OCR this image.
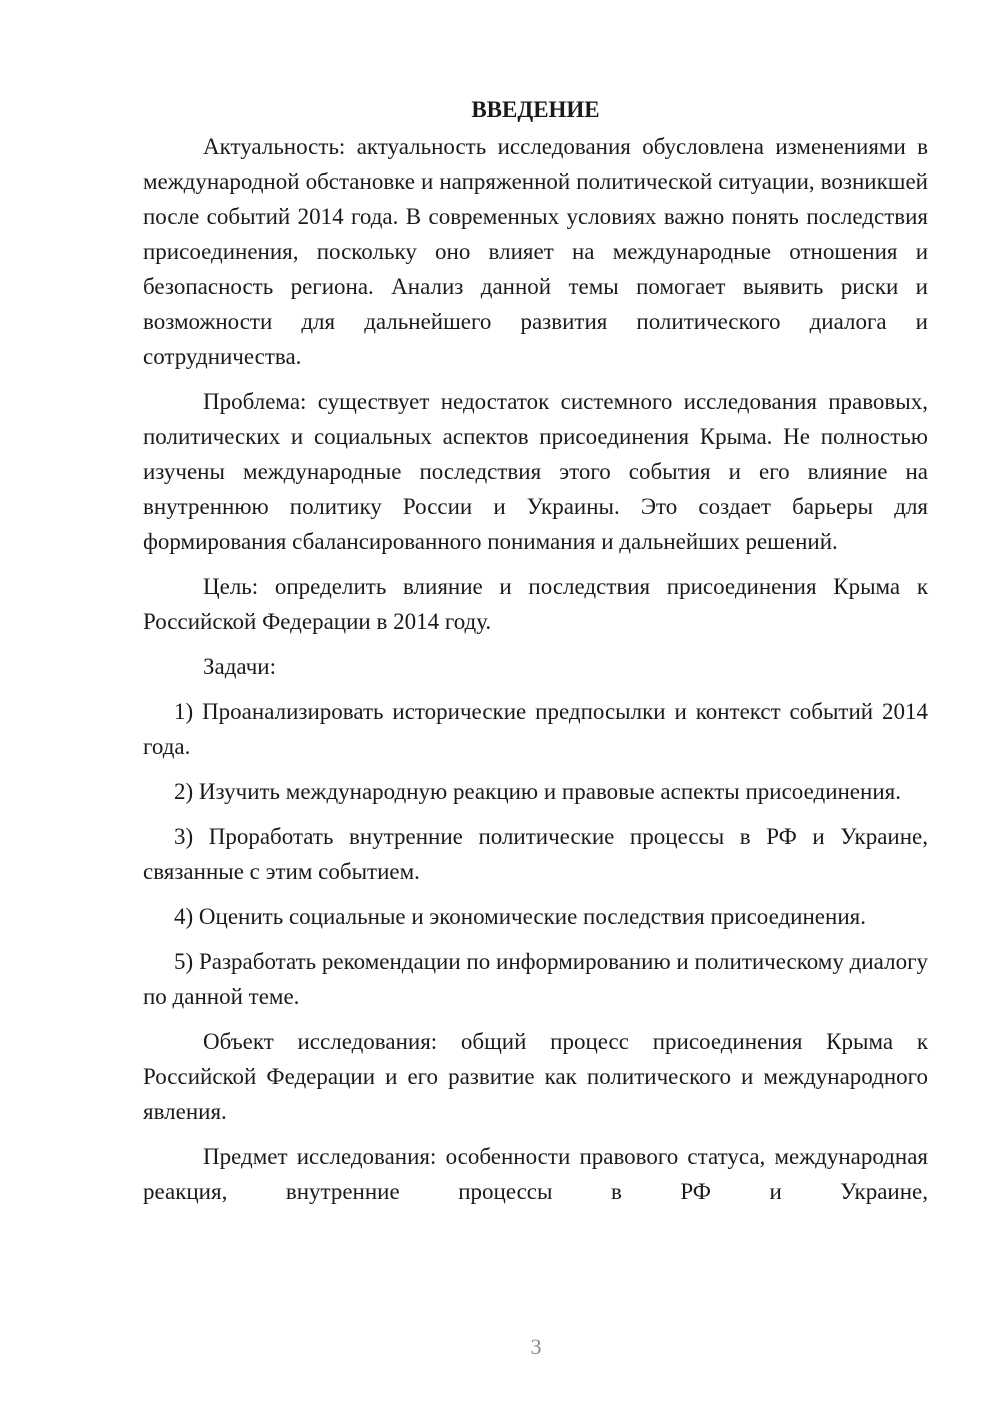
ВВЕДЕНИЕ

Актуальность: актуальность исследования обусловлена изменениями в международной обстановке и напряженной политической ситуации, возникшей после событий 2014 года. В современных условиях важно понять последствия присоединения, поскольку оно влияет на международные отношения и безопасность региона. Анализ данной темы помогает выявить риски и возможности для дальнейшего развития политического диалога и сотрудничества.

Проблема: существует недостаток системного исследования правовых, политических и социальных аспектов присоединения Крыма. Не полностью изучены международные последствия этого события и его влияние на внутреннюю политику России и Украины. Это создает барьеры для формирования сбалансированного понимания и дальнейших решений.

Цель: определить влияние и последствия присоединения Крыма к Российской Федерации в 2014 году.

Задачи:

1) Проанализировать исторические предпосылки и контекст событий 2014 года.

2) Изучить международную реакцию и правовые аспекты присоединения.

3) Проработать внутренние политические процессы в РФ и Украине, связанные с этим событием.

4) Оценить социальные и экономические последствия присоединения.

5) Разработать рекомендации по информированию и политическому диалогу по данной теме.

Объект исследования: общий процесс присоединения Крыма к Российской Федерации и его развитие как политического и международного явления.

Предмет исследования: особенности правового статуса, международная реакция, внутренние процессы в РФ и Украине,

3
